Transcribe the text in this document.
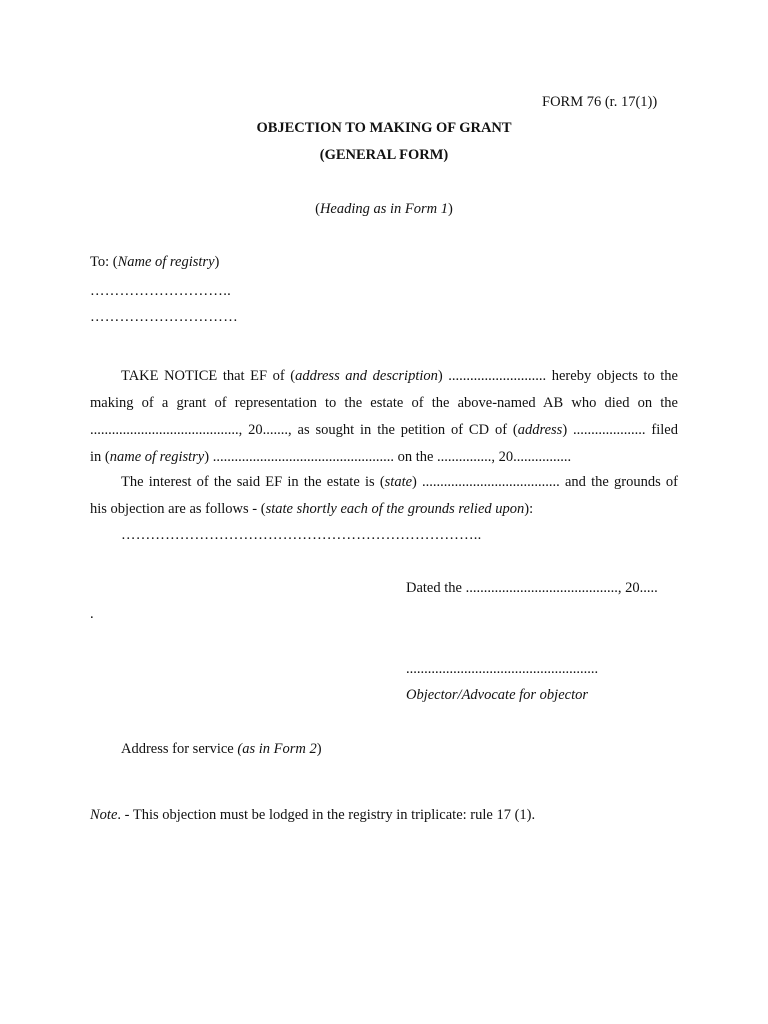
FORM 76 (r. 17(1))
OBJECTION TO MAKING OF GRANT
(GENERAL FORM)
(Heading as in Form 1)
To: (Name of registry)
………………………..
…………………………
TAKE NOTICE that EF of (address and description) ........................... hereby objects to the
making of a grant of representation to the estate of the above-named AB who died on the
........................................., 20......., as sought in the petition of CD of (address) .................... filed
in (name of registry) .................................................. on the ..............., 20................
The interest of the said EF in the estate is (state) ...................................... and the grounds of
his objection are as follows - (state shortly each of the grounds relied upon):
………………………………………………………………..
Dated the .........................................., 20.....
.
.....................................................
Objector/Advocate for objector
Address for service (as in Form 2)
Note. - This objection must be lodged in the registry in triplicate: rule 17 (1).
